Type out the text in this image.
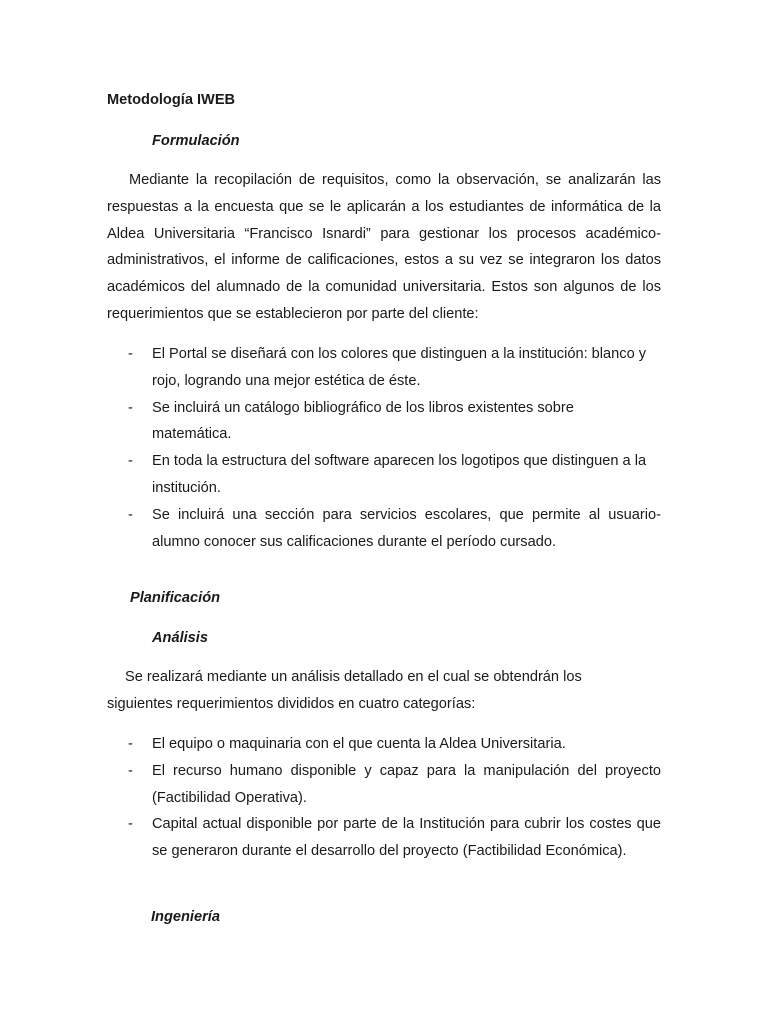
Metodología IWEB
Formulación

Mediante la recopilación de requisitos, como la observación, se analizarán las respuestas a la encuesta que se le aplicarán a los estudiantes de informática de la Aldea Universitaria “Francisco Isnardi” para gestionar los procesos académico-administrativos, el informe de calificaciones, estos a su vez se integraron los datos académicos del alumnado de la comunidad universitaria. Estos son algunos de los requerimientos que se establecieron por parte del cliente:

- El Portal se diseñará con los colores que distinguen a la institución: blanco y rojo, logrando una mejor estética de éste.
- Se incluirá un catálogo bibliográfico de los libros existentes sobre matemática.
- En toda la estructura del software aparecen los logotipos que distinguen a la institución.
- Se incluirá una sección para servicios escolares, que permite al usuario-alumno conocer sus calificaciones durante el período cursado.
Planificación
Análisis

Se realizará mediante un análisis detallado en el cual se obtendrán los siguientes requerimientos divididos en cuatro categorías:

- El equipo o maquinaria con el que cuenta la Aldea Universitaria.
- El recurso humano disponible y capaz para la manipulación del proyecto (Factibilidad Operativa).
- Capital actual disponible por parte de la Institución para cubrir los costes que se generaron durante el desarrollo del proyecto (Factibilidad Económica).
Ingeniería
